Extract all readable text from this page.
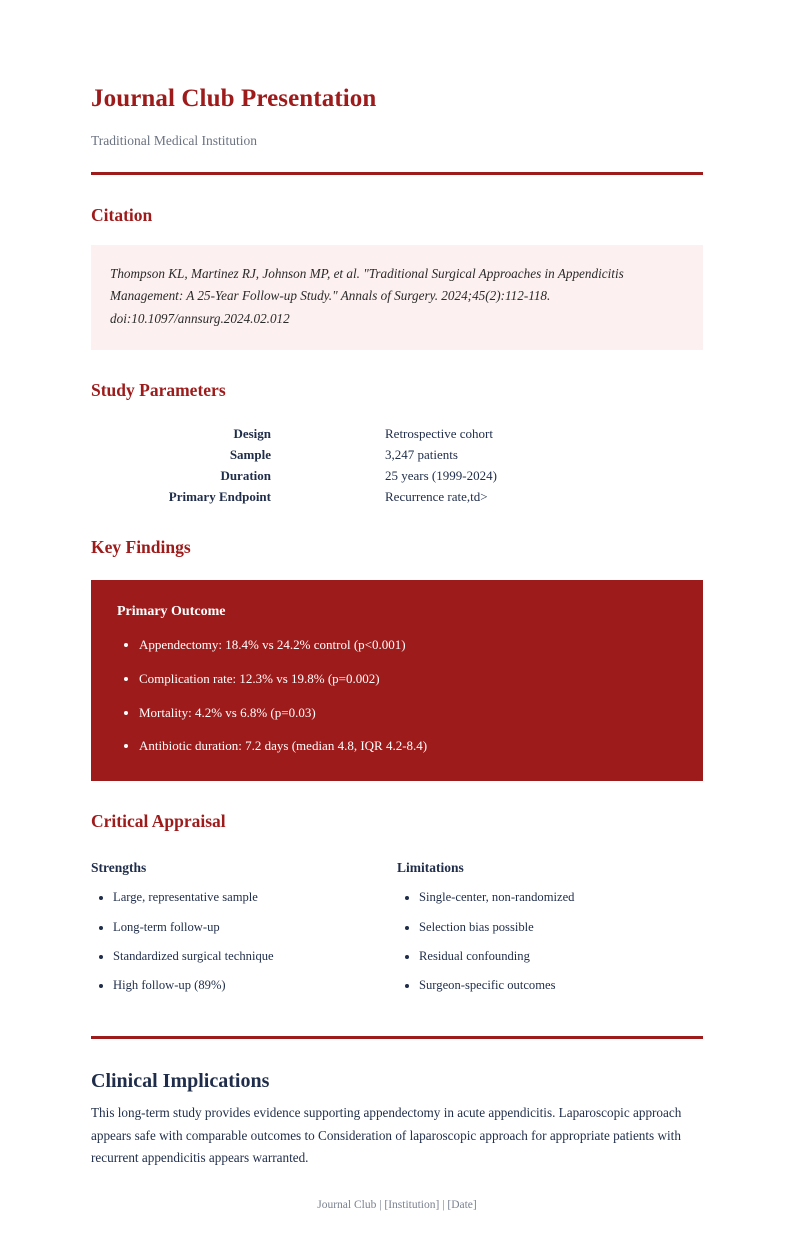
Journal Club Presentation

Traditional Medical Institution

Citation

Thompson KL, Martinez RJ, Johnson MP, et al. "Traditional Surgical Approaches in Appendicitis Management: A 25-Year Follow-up Study." Annals of Surgery. 2024;45(2):112-118. doi:10.1097/annsurg.2024.02.012

Study Parameters
Design	Retrospective cohort
Sample	3,247 patients
Duration	25 years (1999-2024)
Primary Endpoint	Recurrence rate,td>
Key Findings
Primary Outcome
• Appendectomy: 18.4% vs 24.2% control (p<0.001)
• Complication rate: 12.3% vs 19.8% (p=0.002)
• Mortality: 4.2% vs 6.8% (p=0.03)
• Antibiotic duration: 7.2 days (median 4.8, IQR 4.2-8.4)
Critical Appraisal
Strengths
• Large, representative sample
• Long-term follow-up
• Standardized surgical technique
• High follow-up (89%)
Limitations
• Single-center, non-randomized
• Selection bias possible
• Residual confounding
• Surgeon-specific outcomes
Clinical Implications

This long-term study provides evidence supporting appendectomy in acute appendicitis. Laparoscopic approach appears safe with comparable outcomes to Consideration of laparoscopic approach for appropriate patients with recurrent appendicitis appears warranted.

Journal Club | [Institution] | [Date]
